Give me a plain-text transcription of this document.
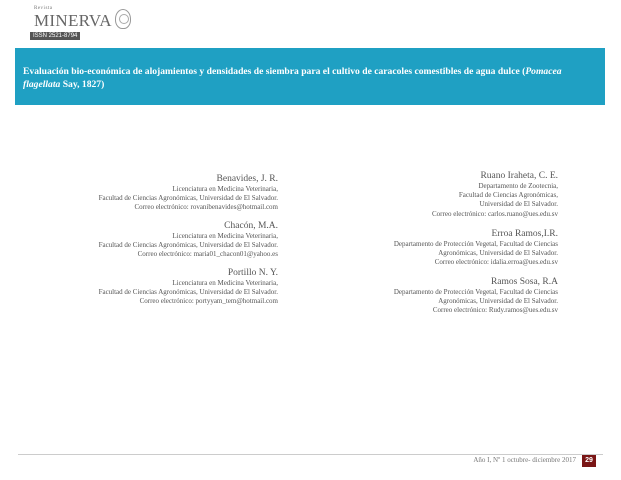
Revista
MINERVA
ISSN 2521-8794
Evaluación bio-económica de alojamientos y densidades de siembra para el cultivo de caracoles comestibles de agua dulce (Pomacea flagellata Say, 1827)
Benavides, J. R.
Licenciatura en Medicina Veterinaria,
Facultad de Ciencias Agronómicas, Universidad de El Salvador.
Correo electrónico: rovanibenavides@hotmail.com
Chacón, M.A.
Licenciatura en Medicina Veterinaria,
Facultad de Ciencias Agronómicas, Universidad de El Salvador.
Correo electrónico: maria01_chacon01@yahoo.es
Portillo N. Y.
Licenciatura en Medicina Veterinaria,
Facultad de Ciencias Agronómicas, Universidad de El Salvador.
Correo electrónico: portyyam_tem@hotmail.com
Ruano Iraheta, C. E.
Departamento de Zootecnia,
Facultad de Ciencias Agronómicas,
Universidad de El Salvador.
Correo electrónico: carlos.ruano@ues.edu.sv
Erroa Ramos,I.R.
Departamento de Protección Vegetal, Facultad de Ciencias
Agronómicas, Universidad de El Salvador.
Correo electrónico: idalia.erroa@ues.edu.sv
Ramos Sosa, R.A
Departamento de Protección Vegetal, Facultad de Ciencias
Agronómicas, Universidad de El Salvador.
Correo electrónico: Rudy.ramos@ues.edu.sv
Año I, Nº 1 octubre- diciembre 2017	29
